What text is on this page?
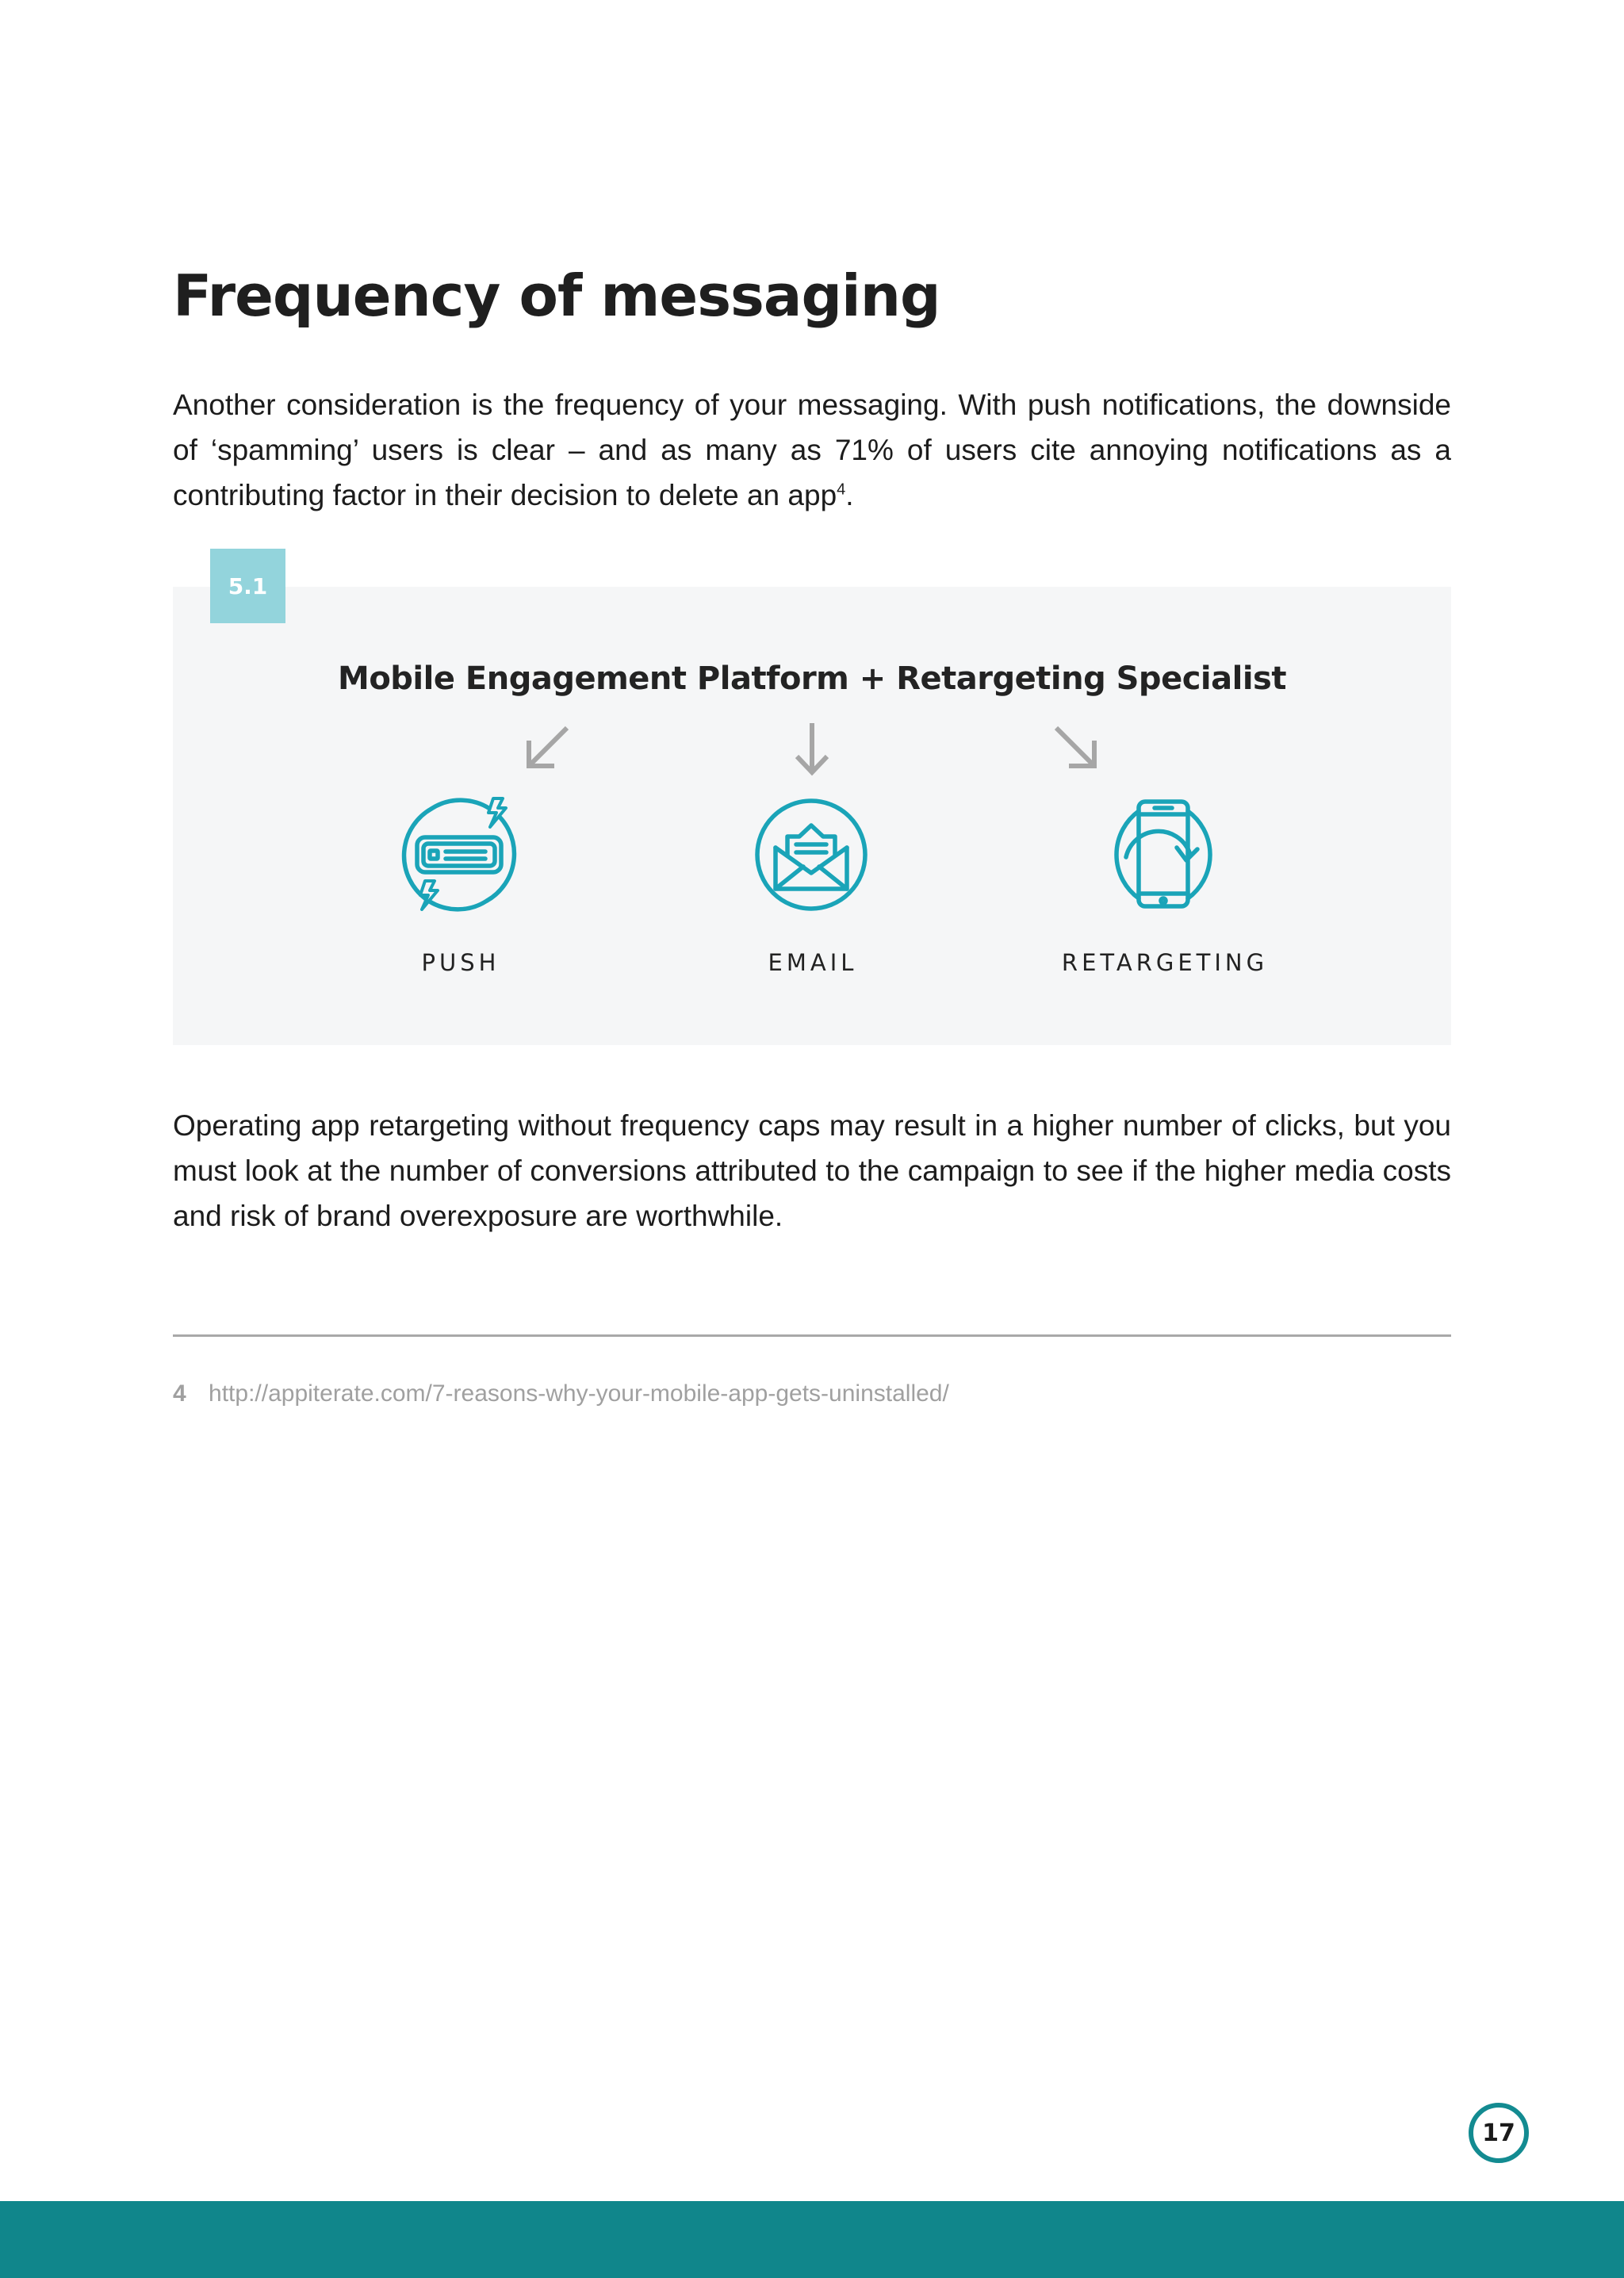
Frequency of messaging

Another consideration is the frequency of your messaging. With push notifications, the downside of ‘spamming’ users is clear – and as many as 71% of users cite annoying notifications as a contributing factor in their decision to delete an app$^4$.

5.1
Mobile Engagement Platform + Retargeting Specialist

PUSH	EMAIL	RETARGETING

Operating app retargeting without frequency caps may result in a higher number of clicks, but you must look at the number of conversions attributed to the campaign to see if the higher media costs and risk of brand overexposure are worthwhile.

4 http://appiterate.com/7-reasons-why-your-mobile-app-gets-uninstalled/
17
